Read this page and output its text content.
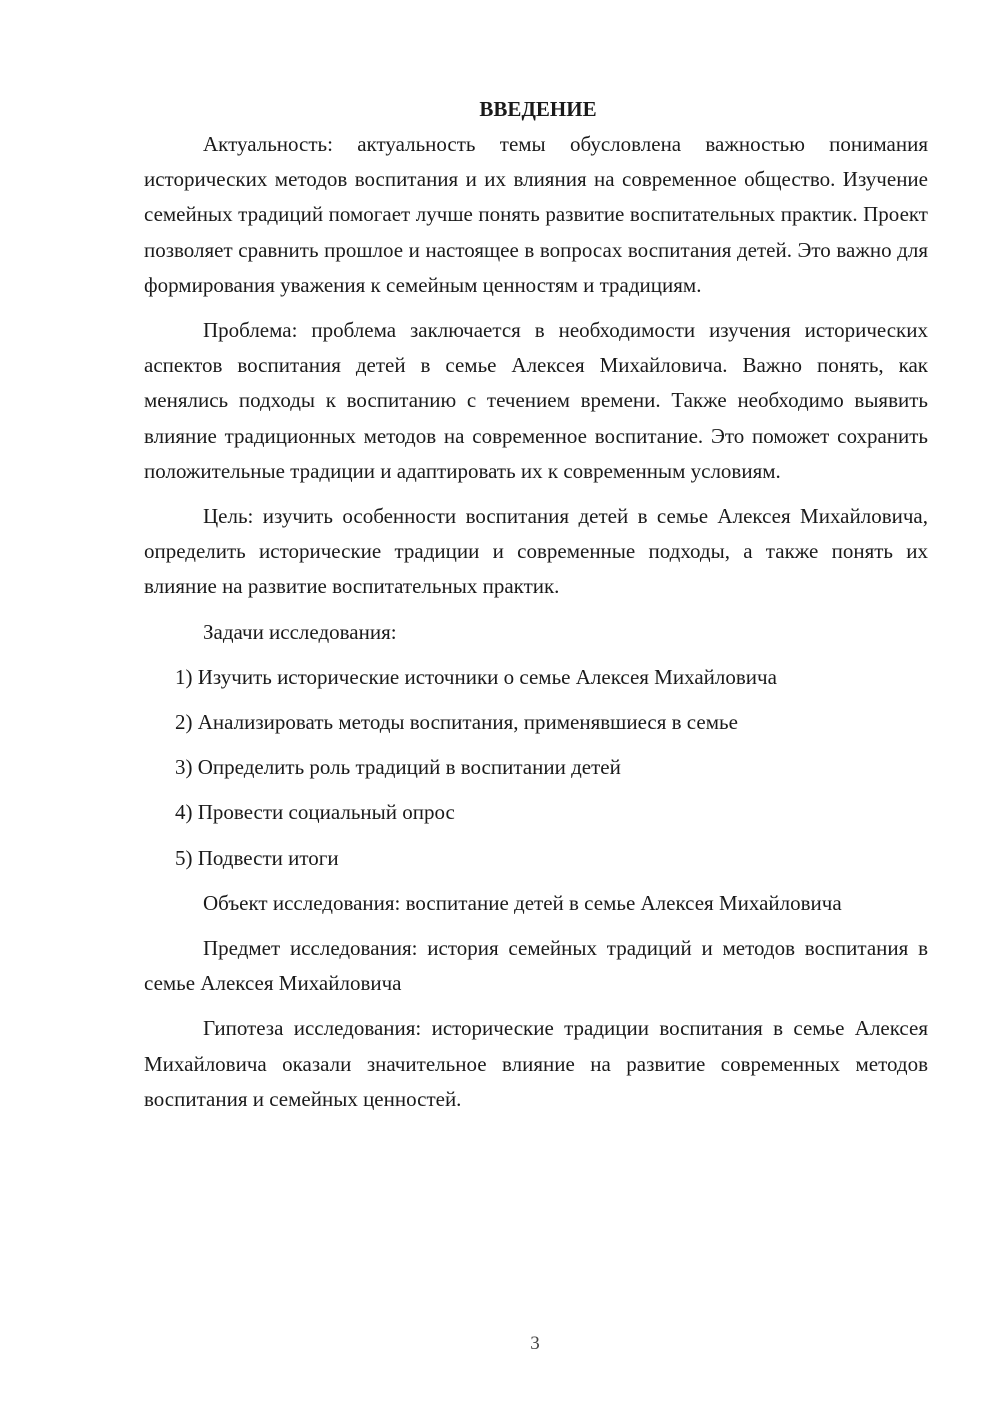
ВВЕДЕНИЕ

Актуальность: актуальность темы обусловлена важностью понимания исторических методов воспитания и их влияния на современное общество. Изучение семейных традиций помогает лучше понять развитие воспитательных практик. Проект позволяет сравнить прошлое и настоящее в вопросах воспитания детей. Это важно для формирования уважения к семейным ценностям и традициям.

Проблема: проблема заключается в необходимости изучения исторических аспектов воспитания детей в семье Алексея Михайловича. Важно понять, как менялись подходы к воспитанию с течением времени. Также необходимо выявить влияние традиционных методов на современное воспитание. Это поможет сохранить положительные традиции и адаптировать их к современным условиям.

Цель: изучить особенности воспитания детей в семье Алексея Михайловича, определить исторические традиции и современные подходы, а также понять их влияние на развитие воспитательных практик.

Задачи исследования:

1) Изучить исторические источники о семье Алексея Михайловича
2) Анализировать методы воспитания, применявшиеся в семье
3) Определить роль традиций в воспитании детей
4) Провести социальный опрос
5) Подвести итоги

Объект исследования: воспитание детей в семье Алексея Михайловича

Предмет исследования: история семейных традиций и методов воспитания в семье Алексея Михайловича

Гипотеза исследования: исторические традиции воспитания в семье Алексея Михайловича оказали значительное влияние на развитие современных методов воспитания и семейных ценностей.

3
